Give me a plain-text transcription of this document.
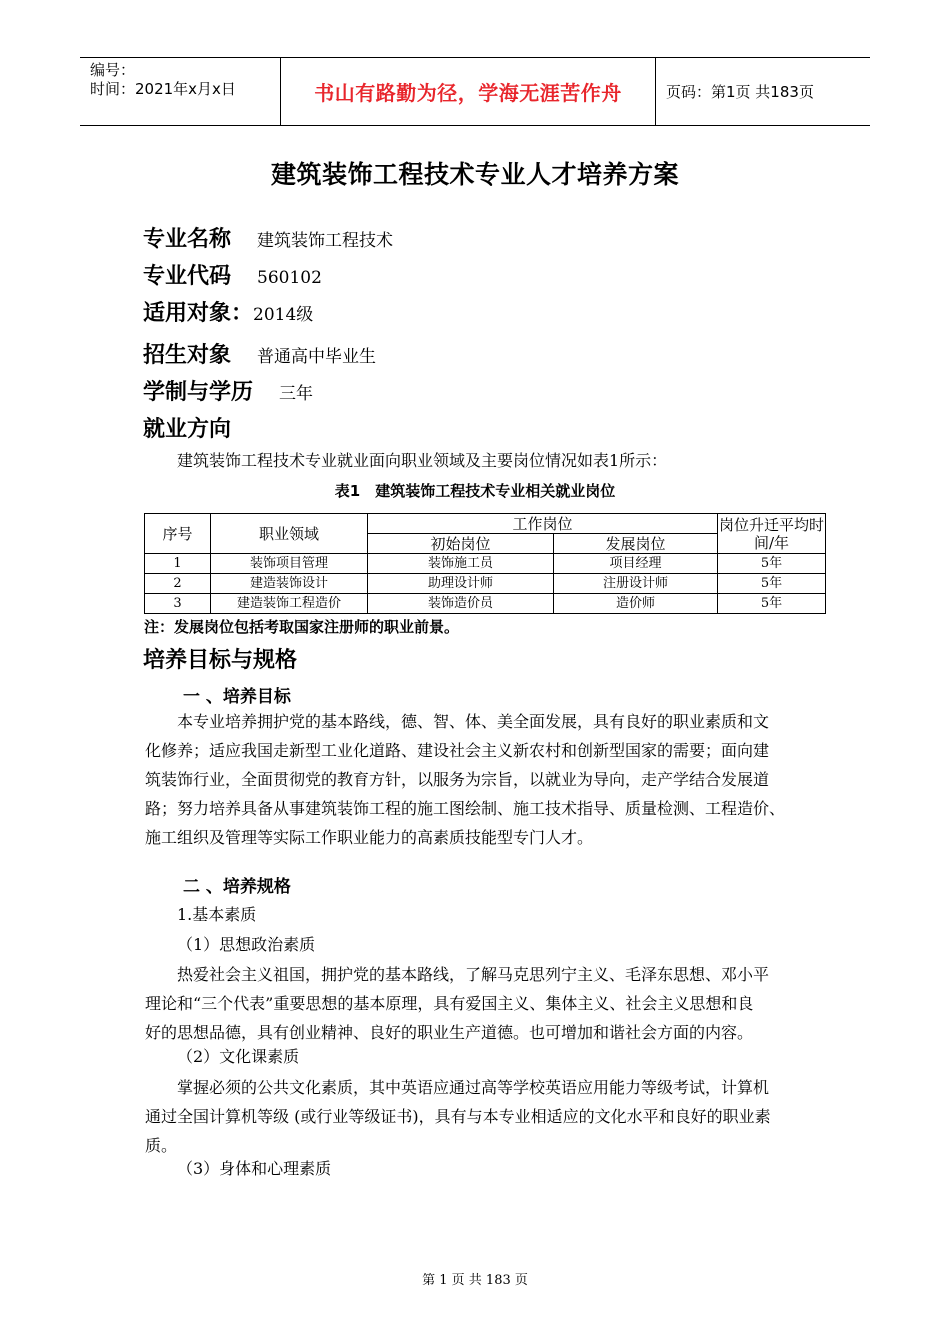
编号：
时间：2021年x月x日	书山有路勤为径，学海无涯苦作舟	页码：第1页 共183页
建筑装饰工程技术专业人才培养方案
专业名称 建筑装饰工程技术
专业代码 560102
适用对象：2014级
招生对象 普通高中毕业生
学制与学历 三年
就业方向
建筑装饰工程技术专业就业面向职业领域及主要岗位情况如表1所示：
表1　建筑装饰工程技术专业相关就业岗位
序号	职业领域	工作岗位		岗位升迁平均时间/年
		初始岗位	发展岗位	
1	装饰项目管理	装饰施工员	项目经理	5年
2	建造装饰设计	助理设计师	注册设计师	5年
3	建造装饰工程造价	装饰造价员	造价师	5年
注：发展岗位包括考取国家注册师的职业前景。
培养目标与规格
一 、培养目标
本专业培养拥护党的基本路线，德、智、体、美全面发展，具有良好的职业素质和文
化修养；适应我国走新型工业化道路、建设社会主义新农村和创新型国家的需要；面向建
筑装饰行业，全面贯彻党的教育方针，以服务为宗旨，以就业为导向，走产学结合发展道
路；努力培养具备从事建筑装饰工程的施工图绘制、施工技术指导、质量检测、工程造价、
施工组织及管理等实际工作职业能力的高素质技能型专门人才。
二 、培养规格
1.基本素质
（1）思想政治素质
热爱社会主义祖国，拥护党的基本路线，了解马克思列宁主义、毛泽东思想、邓小平
理论和“三个代表”重要思想的基本原理，具有爱国主义、集体主义、社会主义思想和良
好的思想品德，具有创业精神、良好的职业生产道德。也可增加和谐社会方面的内容。
（2）文化课素质
掌握必须的公共文化素质，其中英语应通过高等学校英语应用能力等级考试，计算机
通过全国计算机等级 (或行业等级证书)，具有与本专业相适应的文化水平和良好的职业素
质。
（3）身体和心理素质
第 1 页 共 183 页
